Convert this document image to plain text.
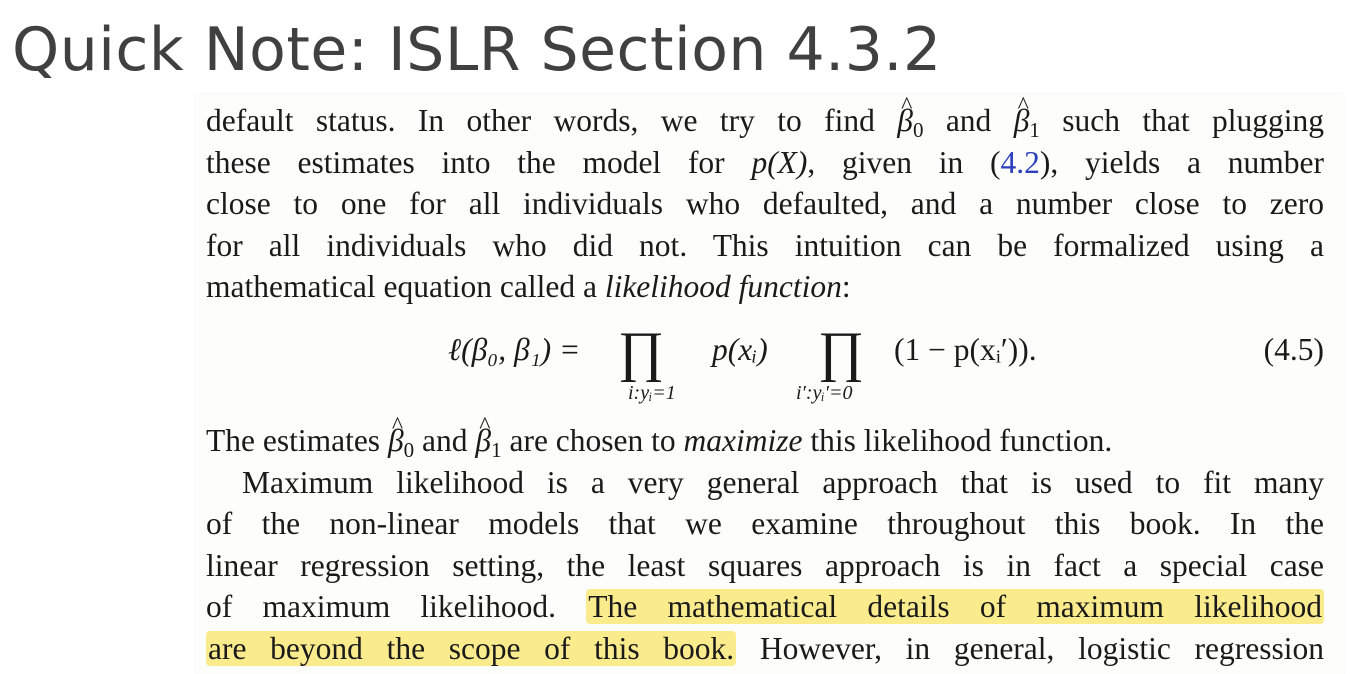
Quick Note: ISLR Section 4.3.2
default status. In other words, we try to find ^ $\beta_0$ and ^ $\beta_1$ such that plugging
these estimates into the model for p(X), given in (4.2), yields a number
close to one for all individuals who defaulted, and a number close to zero
for all individuals who did not. This intuition can be formalized using a
mathematical equation called a likelihood function:
ℓ(β₀, β₁) = ∏ p(xᵢ) ∏ (1 − p(xᵢ′)).
i:yᵢ=1	i′:yᵢ′=0
(4.5)
The estimates ^ $\beta_0$ and ^ $\beta_1$ are chosen to maximize this likelihood function.
Maximum likelihood is a very general approach that is used to fit many
of the non-linear models that we examine throughout this book. In the
linear regression setting, the least squares approach is in fact a special case
of maximum likelihood. The mathematical details of maximum likelihood
are beyond the scope of this book. However, in general, logistic regression
